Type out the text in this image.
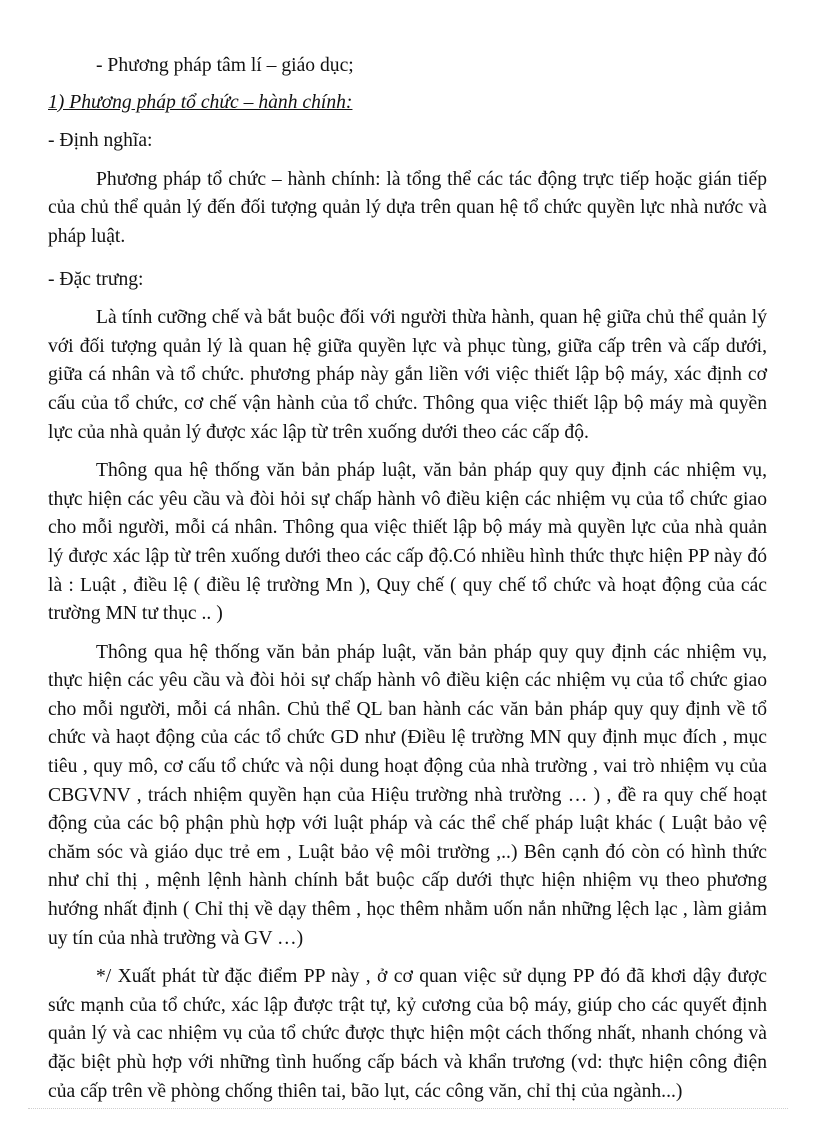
- Phương pháp tâm lí – giáo dục;

1) Phương pháp tổ chức – hành chính:

- Định nghĩa:

Phương pháp tổ chức – hành chính: là tổng thể các tác động trực tiếp hoặc gián tiếp của chủ thể quản lý đến đối tượng quản lý dựa trên quan hệ tổ chức quyền lực nhà nước và pháp luật.

- Đặc trưng:

Là tính cưỡng chế và bắt buộc đối với người thừa hành, quan hệ giữa chủ thể quản lý với đối tượng quản lý là quan hệ giữa quyền lực và phục tùng, giữa cấp trên và cấp dưới, giữa cá nhân và tổ chức. phương pháp này gắn liền với việc thiết lập bộ máy, xác định cơ cấu của tổ chức, cơ chế vận hành của tổ chức. Thông qua việc thiết lập bộ máy mà quyền lực của nhà quản lý được xác lập từ trên xuống dưới theo các cấp độ.

Thông qua hệ thống văn bản pháp luật, văn bản pháp quy quy định các nhiệm vụ, thực hiện các yêu cầu và đòi hỏi sự chấp hành vô điều kiện các nhiệm vụ của tổ chức giao cho mỗi người, mỗi cá nhân. Thông qua việc thiết lập bộ máy mà quyền lực của nhà quản lý được xác lập từ trên xuống dưới theo các cấp độ.Có nhiều hình thức thực hiện PP này đó là : Luật , điều lệ ( điều lệ trường Mn ), Quy chế ( quy chế tổ chức và hoạt động của các trường MN tư thục .. )

Thông qua hệ thống văn bản pháp luật, văn bản pháp quy quy định các nhiệm vụ, thực hiện các yêu cầu và đòi hỏi sự chấp hành vô điều kiện các nhiệm vụ của tổ chức giao cho mỗi người, mỗi cá nhân. Chủ thể QL ban hành các văn bản pháp quy quy định về tổ chức và haọt động của các tổ chức GD như (Điều lệ trường MN quy định mục đích , mục tiêu , quy mô, cơ cấu tổ chức và nội dung hoạt động của nhà trường , vai trò nhiệm vụ của CBGVNV , trách nhiệm quyền hạn của Hiệu trường nhà trường … ) , đề ra quy chế hoạt động của các bộ phận phù hợp với luật pháp và các thể chế pháp luật khác ( Luật bảo vệ chăm sóc và giáo dục trẻ em , Luật bảo vệ môi trường ,..) Bên cạnh đó còn có hình thức như chỉ thị , mệnh lệnh hành chính bắt buộc cấp dưới thực hiện nhiệm vụ theo phương hướng nhất định ( Chỉ thị về dạy thêm , học thêm nhằm uốn nắn những lệch lạc , làm giảm uy tín của nhà trường và GV …)

*/ Xuất phát từ đặc điểm PP này , ở cơ quan việc sử dụng PP đó đã khơi dậy được sức mạnh của tổ chức, xác lập được trật tự, kỷ cương của bộ máy, giúp cho các quyết định quản lý và cac nhiệm vụ của tổ chức được thực hiện một cách thống nhất, nhanh chóng và đặc biệt phù hợp với những tình huống cấp bách và khẩn trương (vd: thực hiện công điện của cấp trên về phòng chống thiên tai, bão lụt, các công văn, chỉ thị của ngành...)
